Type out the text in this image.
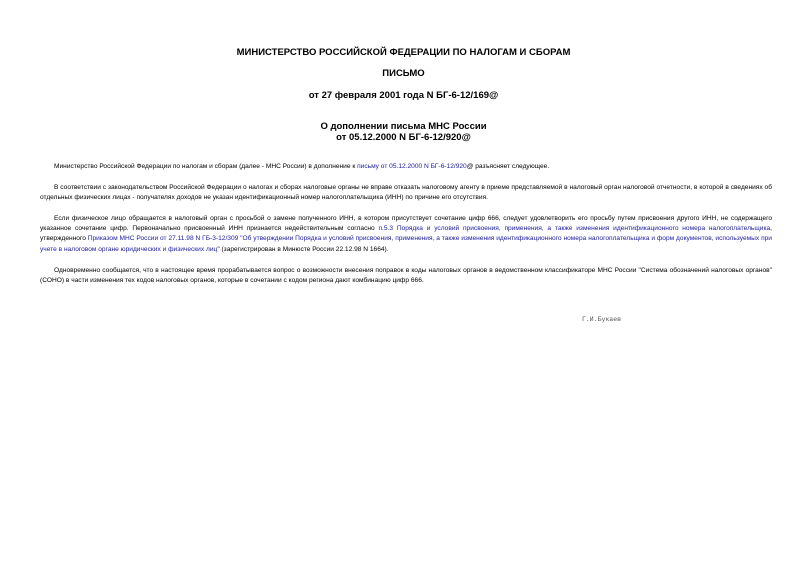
МИНИСТЕРСТВО РОССИЙСКОЙ ФЕДЕРАЦИИ ПО НАЛОГАМ И СБОРАМ

ПИСЬМО

от 27 февраля 2001 года N БГ-6-12/169@

О дополнении письма МНС России

от 05.12.2000 N БГ-6-12/920@

Министерство Российской Федерации по налогам и сборам (далее - МНС России) в дополнение к письму от 05.12.2000 N БГ-6-12/920@ разъясняет следующее.

В соответствии с законодательством Российской Федерации о налогах и сборах налоговые органы не вправе отказать налоговому агенту в приеме представляемой в налоговый орган налоговой отчетности, в которой в сведениях об отдельных физических лицах - получателях доходов не указан идентификационный номер налогоплательщика (ИНН) по причине его отсутствия.

Если физическое лицо обращается в налоговый орган с просьбой о замене полученного ИНН, в котором присутствует сочетание цифр 666, следует удовлетворить его просьбу путем присвоения другого ИНН, не содержащего указанное сочетание цифр. Первоначально присвоенный ИНН признается недействительным согласно п.5.3 Порядка и условий присвоения, применения, а также изменения идентификационного номера налогоплательщика, утвержденного Приказом МНС России от 27.11.98 N ГБ-3-12/309 "Об утверждении Порядка и условий присвоения, применения, а также изменения идентификационного номера налогоплательщика и форм документов, используемых при учете в налоговом органе юридических и физических лиц" (зарегистрирован в Минюсте России 22.12.98 N 1664).

Одновременно сообщается, что в настоящее время прорабатывается вопрос о возможности внесения поправок в коды налоговых органов в ведомственном классификаторе МНС России "Система обозначений налоговых органов" (СОНО) в части изменения тех кодов налоговых органов, которые в сочетании с кодом региона дают комбинацию цифр 666.

Г.И.Букаев
